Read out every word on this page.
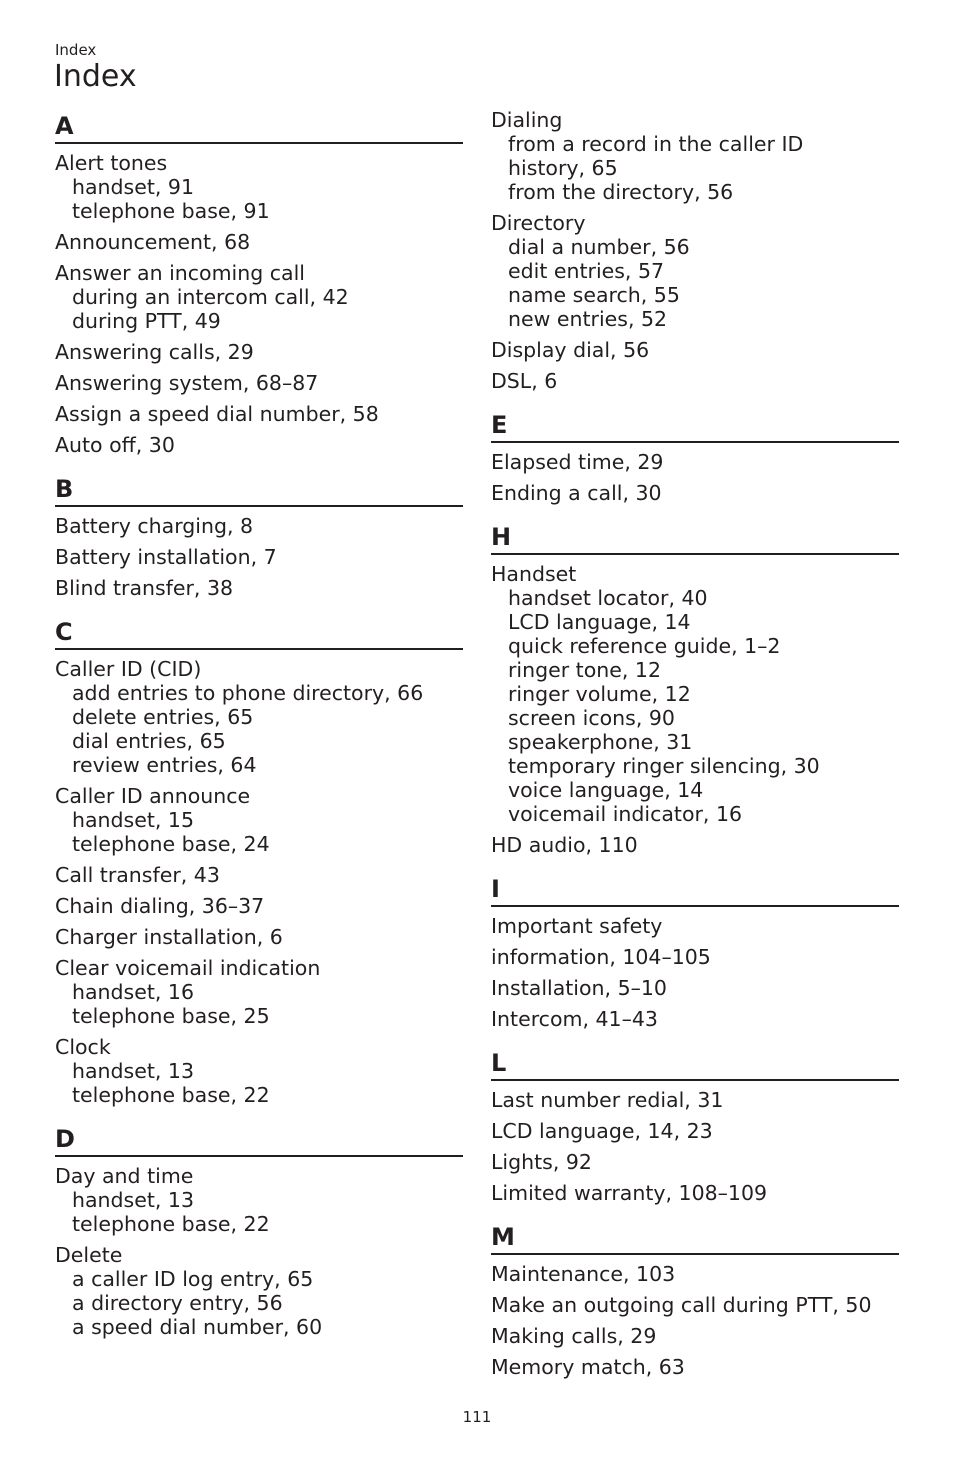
Index
Index
A
Alert tones
handset, 91
telephone base, 91
Announcement, 68
Answer an incoming call
during an intercom call, 42
during PTT, 49
Answering calls, 29
Answering system, 68–87
Assign a speed dial number, 58
Auto off, 30
B
Battery charging, 8
Battery installation, 7
Blind transfer, 38
C
Caller ID (CID)
add entries to phone directory, 66
delete entries, 65
dial entries, 65
review entries, 64
Caller ID announce
handset, 15
telephone base, 24
Call transfer, 43
Chain dialing, 36–37
Charger installation, 6
Clear voicemail indication
handset, 16
telephone base, 25
Clock
handset, 13
telephone base, 22
D
Day and time
handset, 13
telephone base, 22
Delete
a caller ID log entry, 65
a directory entry, 56
a speed dial number, 60
Dialing
from a record in the caller ID
history, 65
from the directory, 56
Directory
dial a number, 56
edit entries, 57
name search, 55
new entries, 52
Display dial, 56
DSL, 6
E
Elapsed time, 29
Ending a call, 30
H
Handset
handset locator, 40
LCD language, 14
quick reference guide, 1–2
ringer tone, 12
ringer volume, 12
screen icons, 90
speakerphone, 31
temporary ringer silencing, 30
voice language, 14
voicemail indicator, 16
HD audio, 110
I
Important safety
information, 104–105
Installation, 5–10
Intercom, 41–43
L
Last number redial, 31
LCD language, 14, 23
Lights, 92
Limited warranty, 108–109
M
Maintenance, 103
Make an outgoing call during PTT, 50
Making calls, 29
Memory match, 63
111
